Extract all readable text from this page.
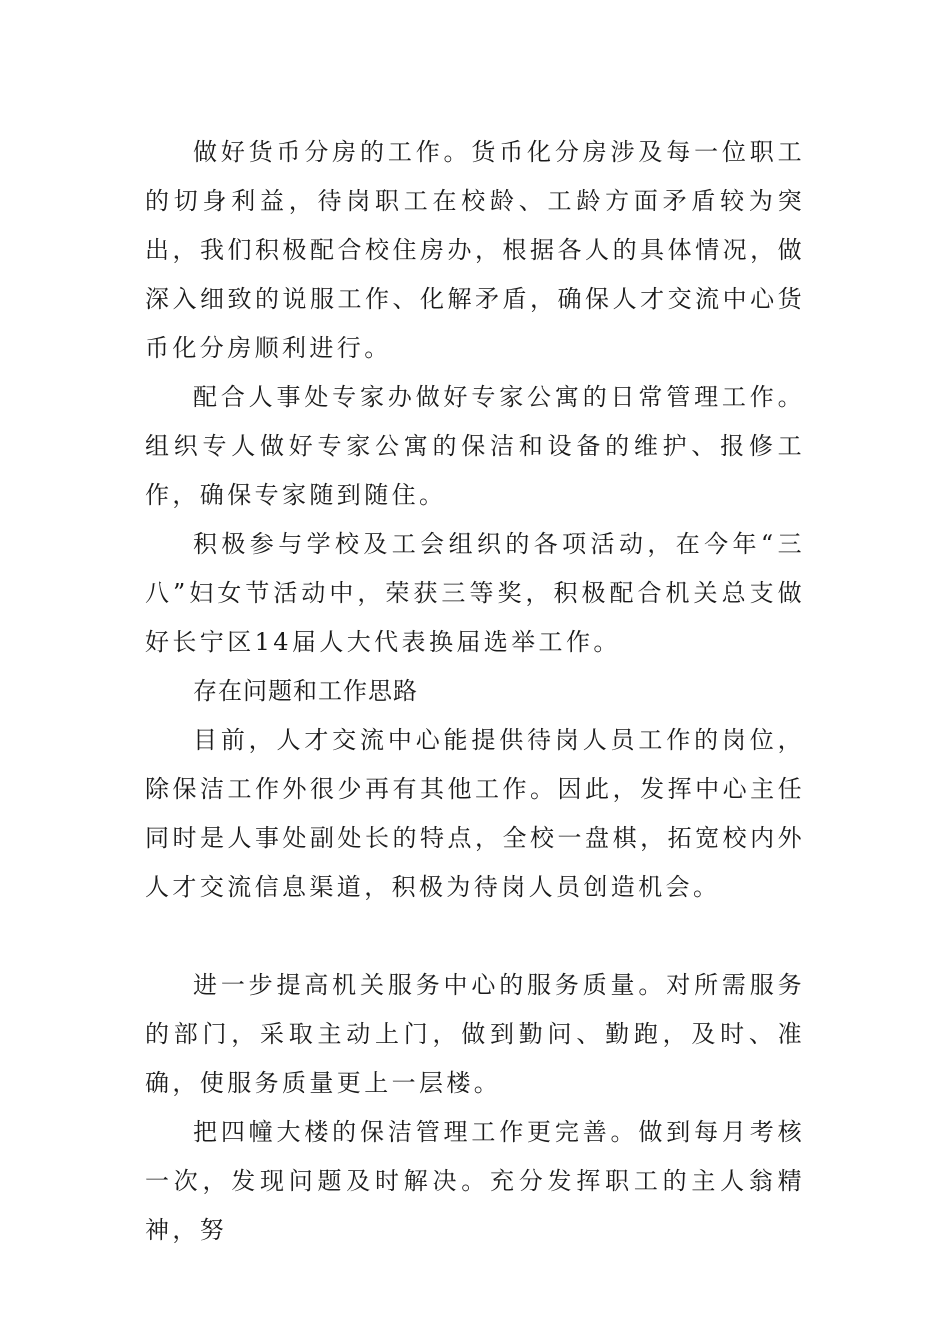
做好货币分房的工作。货币化分房涉及每一位职工的切身利益，待岗职工在校龄、工龄方面矛盾较为突出，我们积极配合校住房办，根据各人的具体情况，做深入细致的说服工作、化解矛盾，确保人才交流中心货币化分房顺利进行。

配合人事处专家办做好专家公寓的日常管理工作。组织专人做好专家公寓的保洁和设备的维护、报修工作，确保专家随到随住。

积极参与学校及工会组织的各项活动，在今年“三八”妇女节活动中，荣获三等奖，积极配合机关总支做好长宁区14届人大代表换届选举工作。

存在问题和工作思路

目前，人才交流中心能提供待岗人员工作的岗位，除保洁工作外很少再有其他工作。因此，发挥中心主任同时是人事处副处长的特点，全校一盘棋，拓宽校内外人才交流信息渠道，积极为待岗人员创造机会。

进一步提高机关服务中心的服务质量。对所需服务的部门，采取主动上门，做到勤问、勤跑，及时、准确，使服务质量更上一层楼。

把四幢大楼的保洁管理工作更完善。做到每月考核一次，发现问题及时解决。充分发挥职工的主人翁精神，努
